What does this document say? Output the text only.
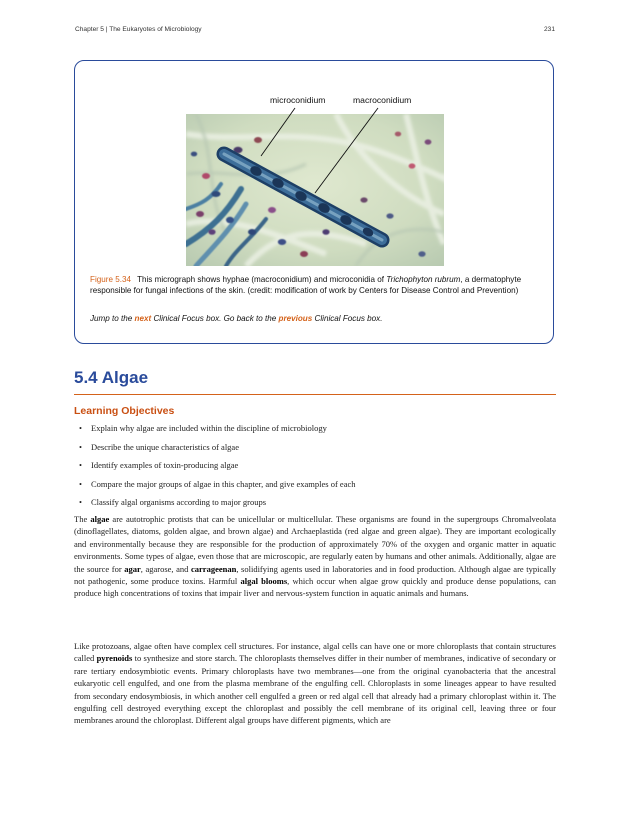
Chapter 5 | The Eukaryotes of Microbiology	231
microconidium	macroconidium
Figure 5.34 This micrograph shows hyphae (macroconidium) and microconidia of Trichophyton rubrum, a dermatophyte responsible for fungal infections of the skin. (credit: modification of work by Centers for Disease Control and Prevention)
Jump to the next Clinical Focus box. Go back to the previous Clinical Focus box.
5.4 Algae
Learning Objectives
• Explain why algae are included within the discipline of microbiology
• Describe the unique characteristics of algae
• Identify examples of toxin-producing algae
• Compare the major groups of algae in this chapter, and give examples of each
• Classify algal organisms according to major groups

The algae are autotrophic protists that can be unicellular or multicellular. These organisms are found in the supergroups Chromalveolata (dinoflagellates, diatoms, golden algae, and brown algae) and Archaeplastida (red algae and green algae). They are important ecologically and environmentally because they are responsible for the production of approximately 70% of the oxygen and organic matter in aquatic environments. Some types of algae, even those that are microscopic, are regularly eaten by humans and other animals. Additionally, algae are the source for agar, agarose, and carrageenan, solidifying agents used in laboratories and in food production. Although algae are typically not pathogenic, some produce toxins. Harmful algal blooms, which occur when algae grow quickly and produce dense populations, can produce high concentrations of toxins that impair liver and nervous-system function in aquatic animals and humans.

Like protozoans, algae often have complex cell structures. For instance, algal cells can have one or more chloroplasts that contain structures called pyrenoids to synthesize and store starch. The chloroplasts themselves differ in their number of membranes, indicative of secondary or rare tertiary endosymbiotic events. Primary chloroplasts have two membranes—one from the original cyanobacteria that the ancestral eukaryotic cell engulfed, and one from the plasma membrane of the engulfing cell. Chloroplasts in some lineages appear to have resulted from secondary endosymbiosis, in which another cell engulfed a green or red algal cell that already had a primary chloroplast within it. The engulfing cell destroyed everything except the chloroplast and possibly the cell membrane of its original cell, leaving three or four membranes around the chloroplast. Different algal groups have different pigments, which are
